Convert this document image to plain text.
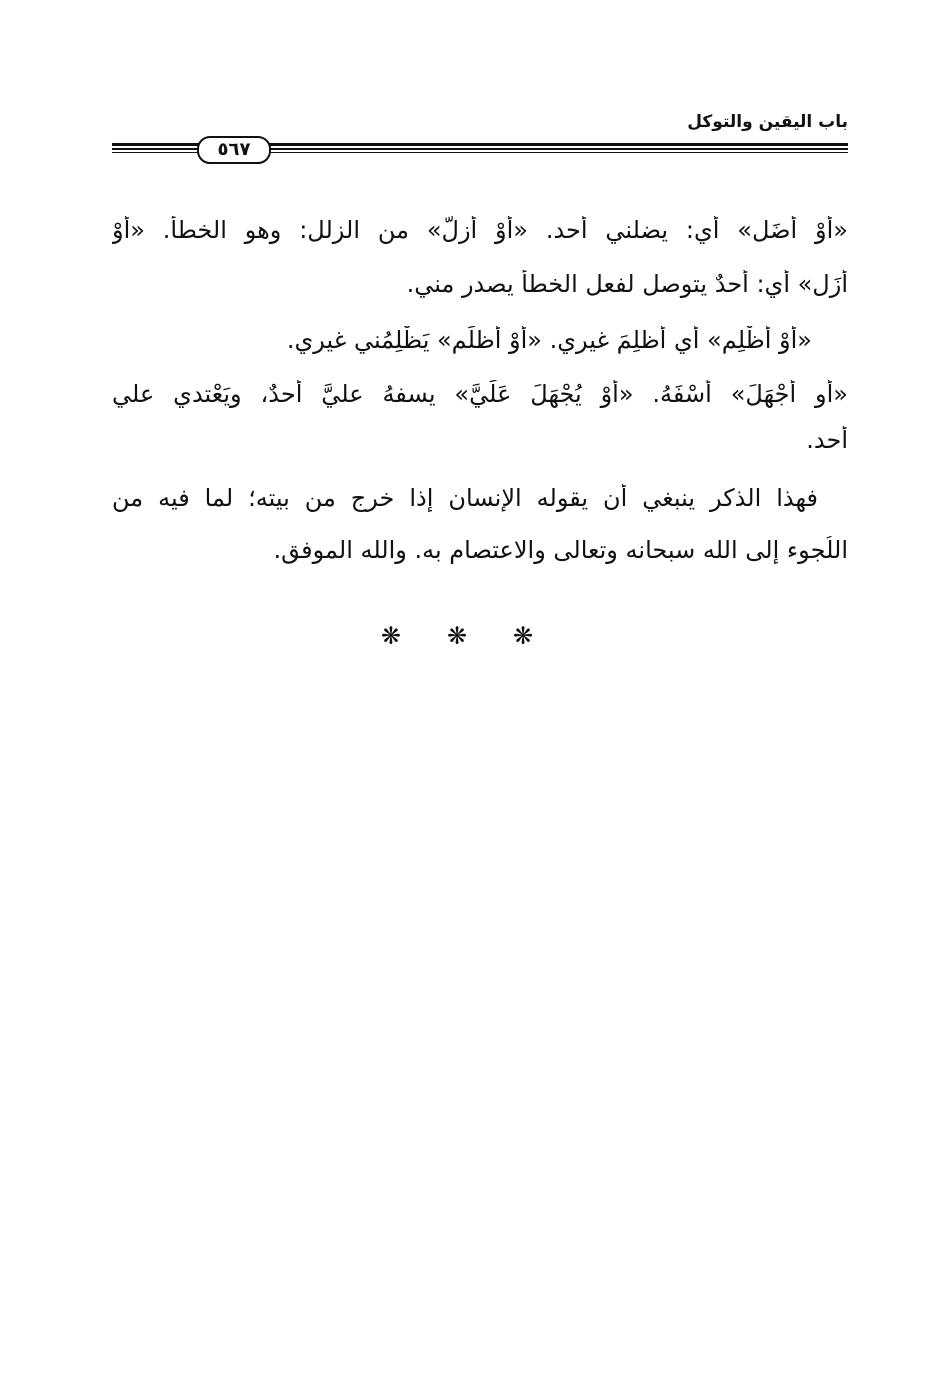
باب اليقين والتوكل
٥٦٧
«أوْ أُضَل» أي: يضلني أحد. «أَوْ أَزِلَّ» من الزلل: وهو الخطأُ. «أوْ
أُزَل» أي: أحدٌ يتوصل لفعلِ الخطأ يصدر مني.
«أَوْ أَظْلِم» أي أظلِمَ غيري. «أَوْ أُظلَم» يَظْلِمُني غيري.
«أو أَجْهَلَ» أَسْفَهُ. «أَوْ يُجْهَلَ عَلَيَّ» يسفهُ عليَّ أحدٌ، ويَعْتدي علي
أحد.
فهذا الذكر ينبغي أن يقوله الإنسان إذا خرج من بيته؛ لما فيه من
اللُجوء إلى الله سبحانه وتعالى والاعتصام به. والله الموفق.
❋❋❋
